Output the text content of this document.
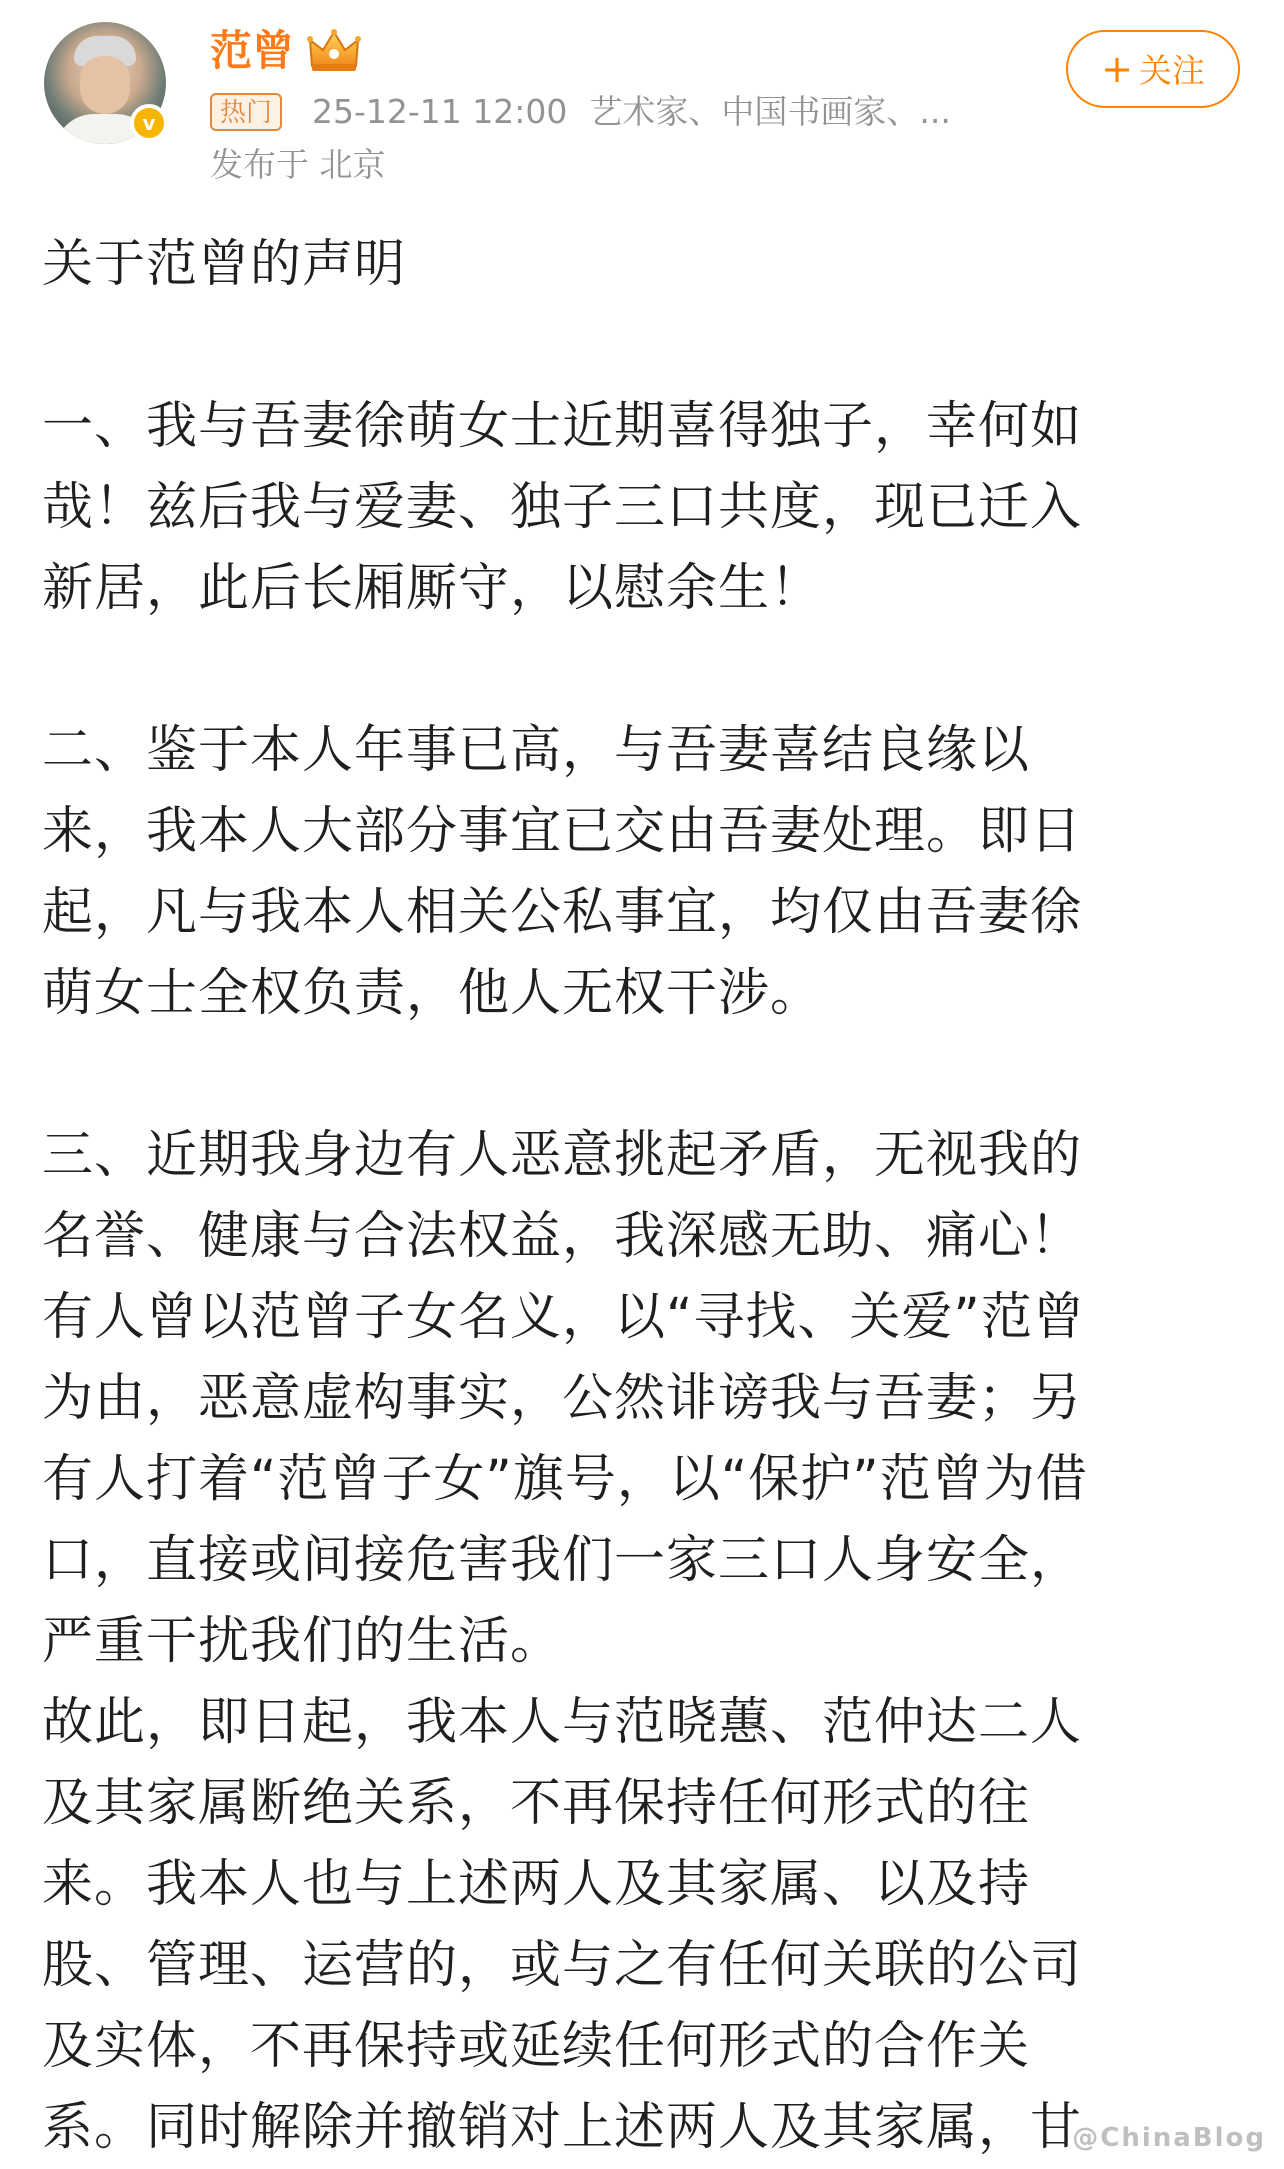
v
范曾
热门	25-12-11 12:00 艺术家、中国书画家、...
发布于 北京
+ 关注
关于范曾的声明
一、我与吾妻徐萌女士近期喜得独子，幸何如
哉！兹后我与爱妻、独子三口共度，现已迁入
新居，此后长厢厮守，以慰余生！
二、鉴于本人年事已高，与吾妻喜结良缘以
来，我本人大部分事宜已交由吾妻处理。即日
起，凡与我本人相关公私事宜，均仅由吾妻徐
萌女士全权负责，他人无权干涉。
三、近期我身边有人恶意挑起矛盾，无视我的
名誉、健康与合法权益，我深感无助、痛心！
有人曾以范曾子女名义，以“寻找、关爱”范曾
为由，恶意虚构事实，公然诽谤我与吾妻；另
有人打着“范曾子女”旗号，以“保护”范曾为借
口，直接或间接危害我们一家三口人身安全，
严重干扰我们的生活。
故此，即日起，我本人与范晓蕙、范仲达二人
及其家属断绝关系，不再保持任何形式的往
来。我本人也与上述两人及其家属、以及持
股、管理、运营的，或与之有任何关联的公司
及实体，不再保持或延续任何形式的合作关
系。同时解除并撤销对上述两人及其家属，甘
@ChinaBlog
